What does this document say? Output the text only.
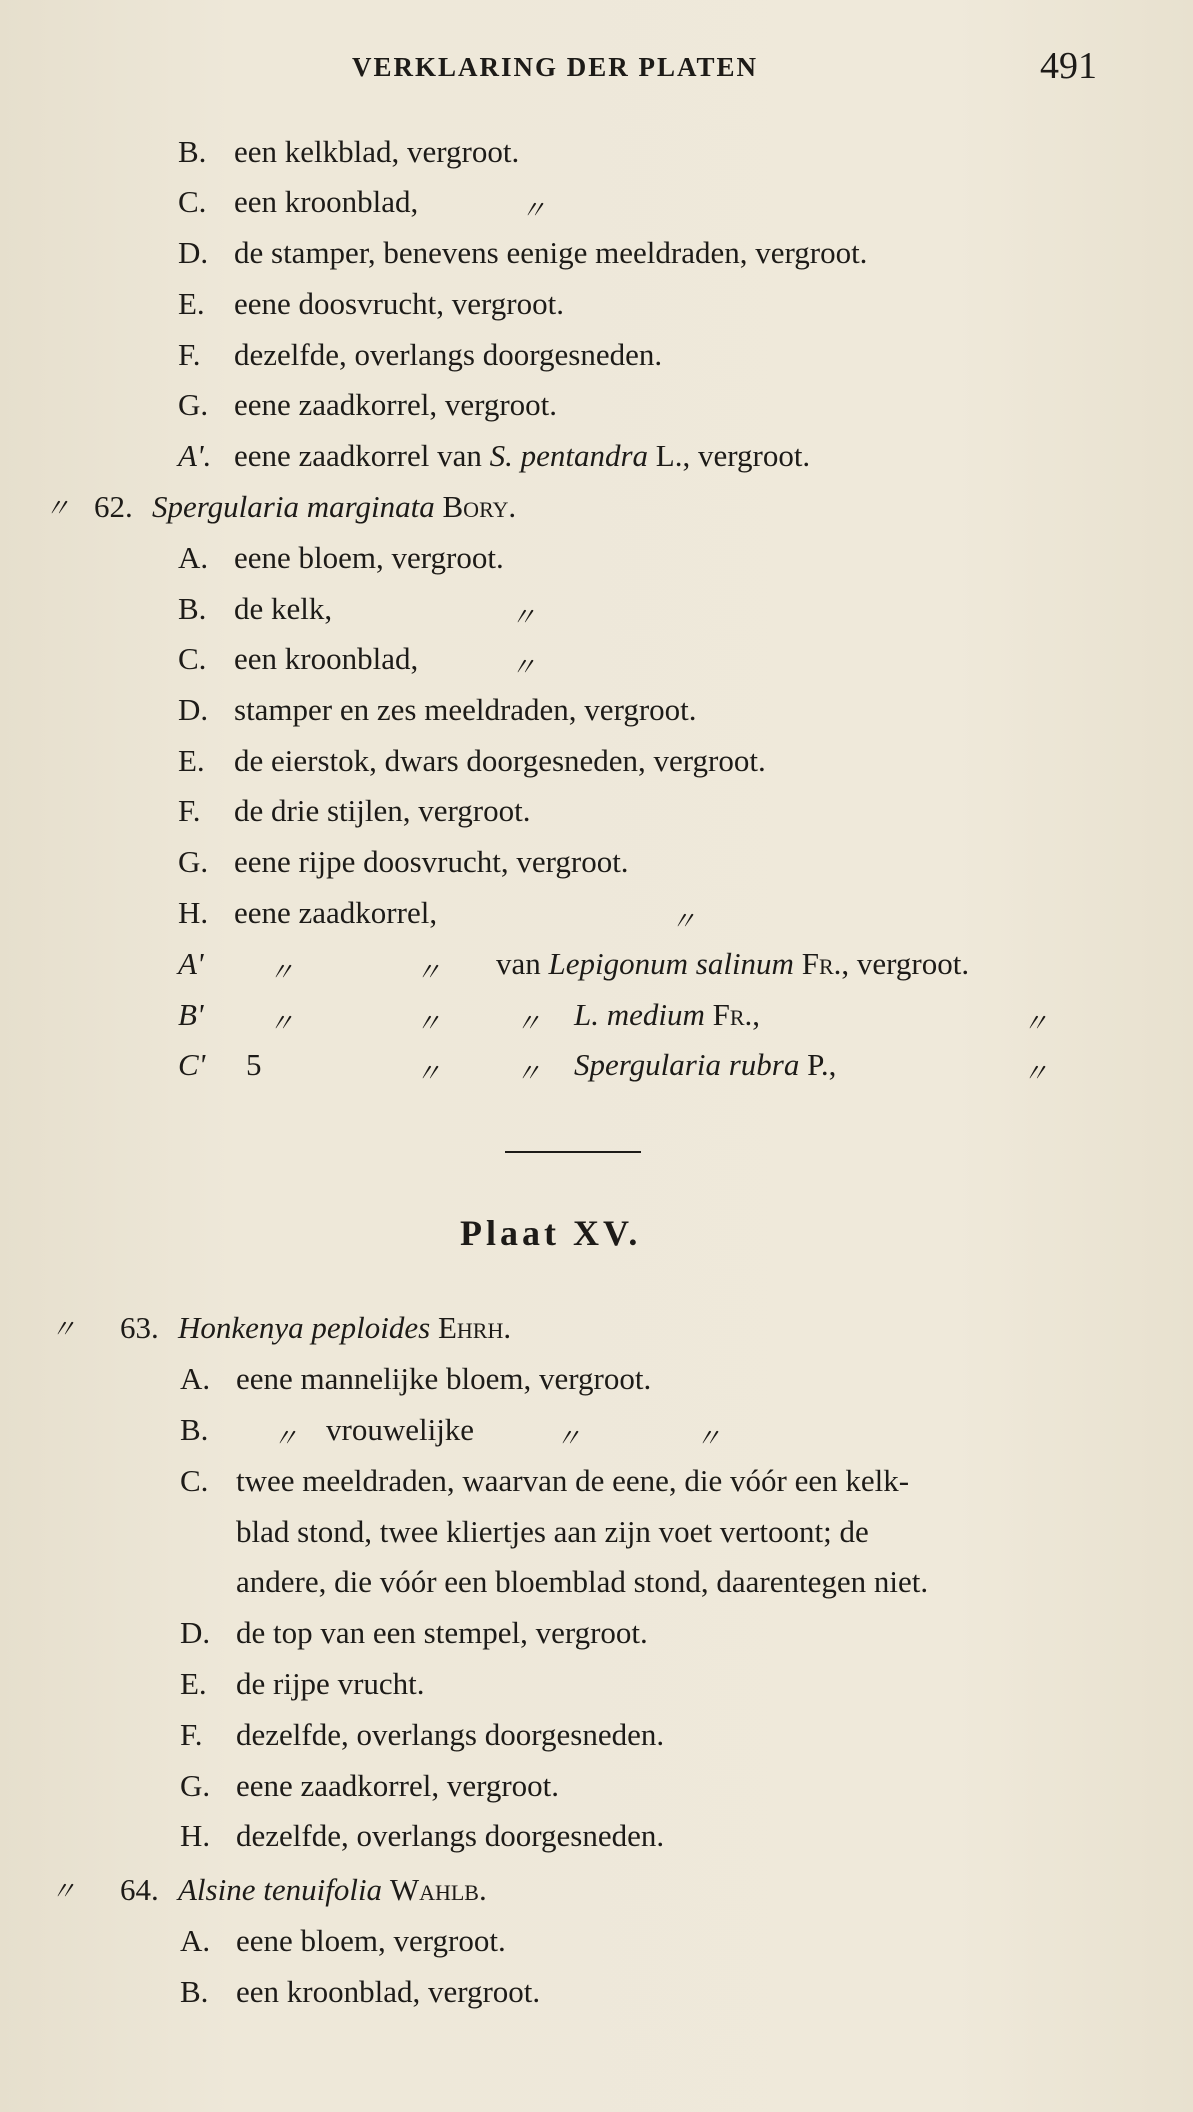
VERKLARING DER PLATEN	491
B. een kelkblad, vergroot.
C. een kroonblad,	〃
D. de stamper, benevens eenige meeldraden, vergroot.
E. eene doosvrucht, vergroot.
F. dezelfde, overlangs doorgesneden.
G. eene zaadkorrel, vergroot.
A'. eene zaadkorrel van S. pentandra L., vergroot.
〃 62. Spergularia marginata Bory.
A. eene bloem, vergroot.
B. de kelk,	〃
C. een kroonblad,	〃
D. stamper en zes meeldraden, vergroot.
E. de eierstok, dwars doorgesneden, vergroot.
F. de drie stijlen, vergroot.
G. eene rijpe doosvrucht, vergroot.
H. eene zaadkorrel,	〃
A'	〃	〃 van Lepigonum salinum Fr., vergroot.
B'	〃	〃	〃 L. medium Fr.,	〃
C' 5	〃	〃 Spergularia rubra P.,	〃
Plaat XV.
〃 63. Honkenya peploides Ehrh.
A. eene mannelijke bloem, vergroot.
B.	〃 vrouwelijke	〃	〃
C. twee meeldraden, waarvan de eene, die vóór een kelk-
blad stond, twee kliertjes aan zijn voet vertoont; de
andere, die vóór een bloemblad stond, daarentegen niet.
D. de top van een stempel, vergroot.
E. de rijpe vrucht.
F. dezelfde, overlangs doorgesneden.
G. eene zaadkorrel, vergroot.
H. dezelfde, overlangs doorgesneden.
〃 64. Alsine tenuifolia Wahlb.
A. eene bloem, vergroot.
B. een kroonblad, vergroot.
